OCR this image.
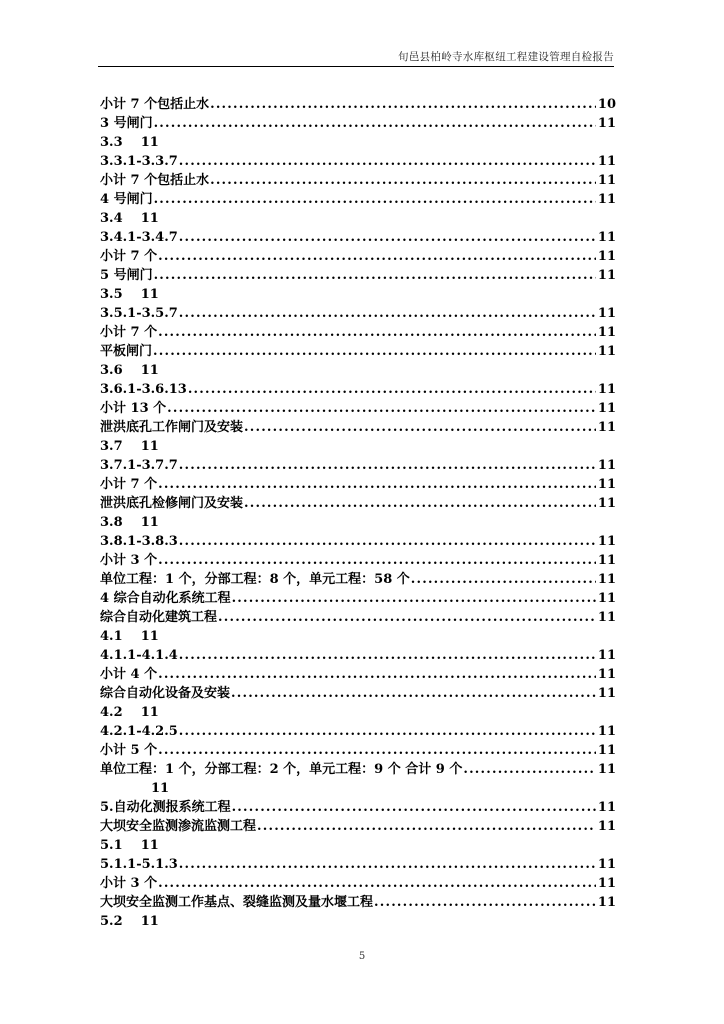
旬邑县柏岭寺水库枢纽工程建设管理自检报告
小计 7 个包括止水 .....	10
3 号闸门 .....	11
3.3    11
3.3.1-3.3.7 .....	11
小计 7 个包括止水 .....	11
4 号闸门 .....	11
3.4    11
3.4.1-3.4.7 .....	11
小计 7 个 .....	11
5 号闸门 .....	11
3.5    11
3.5.1-3.5.7 .....	11
小计 7 个 .....	11
平板闸门 .....	11
3.6    11
3.6.1-3.6.13 .....	11
小计 13 个 .....	11
泄洪底孔工作闸门及安装 .....	11
3.7    11
3.7.1-3.7.7 .....	11
小计 7 个 .....	11
泄洪底孔检修闸门及安装 .....	11
3.8    11
3.8.1-3.8.3 .....	11
小计 3 个 .....	11
单位工程：1 个，分部工程：8 个，单元工程：58 个 .....	11
4 综合自动化系统工程 .....	11
综合自动化建筑工程 .....	11
4.1    11
4.1.1-4.1.4 .....	11
小计 4 个 .....	11
综合自动化设备及安装 .....	11
4.2    11
4.2.1-4.2.5 .....	11
小计 5 个 .....	11
单位工程：1 个，分部工程：2 个，单元工程：9 个 合计 9 个 .....	11
11
5.自动化测报系统工程 .....	11
大坝安全监测渗流监测工程 .....	11
5.1    11
5.1.1-5.1.3 .....	11
小计 3 个 .....	11
大坝安全监测工作基点、裂缝监测及量水堰工程 .....	11
5.2    11
5
